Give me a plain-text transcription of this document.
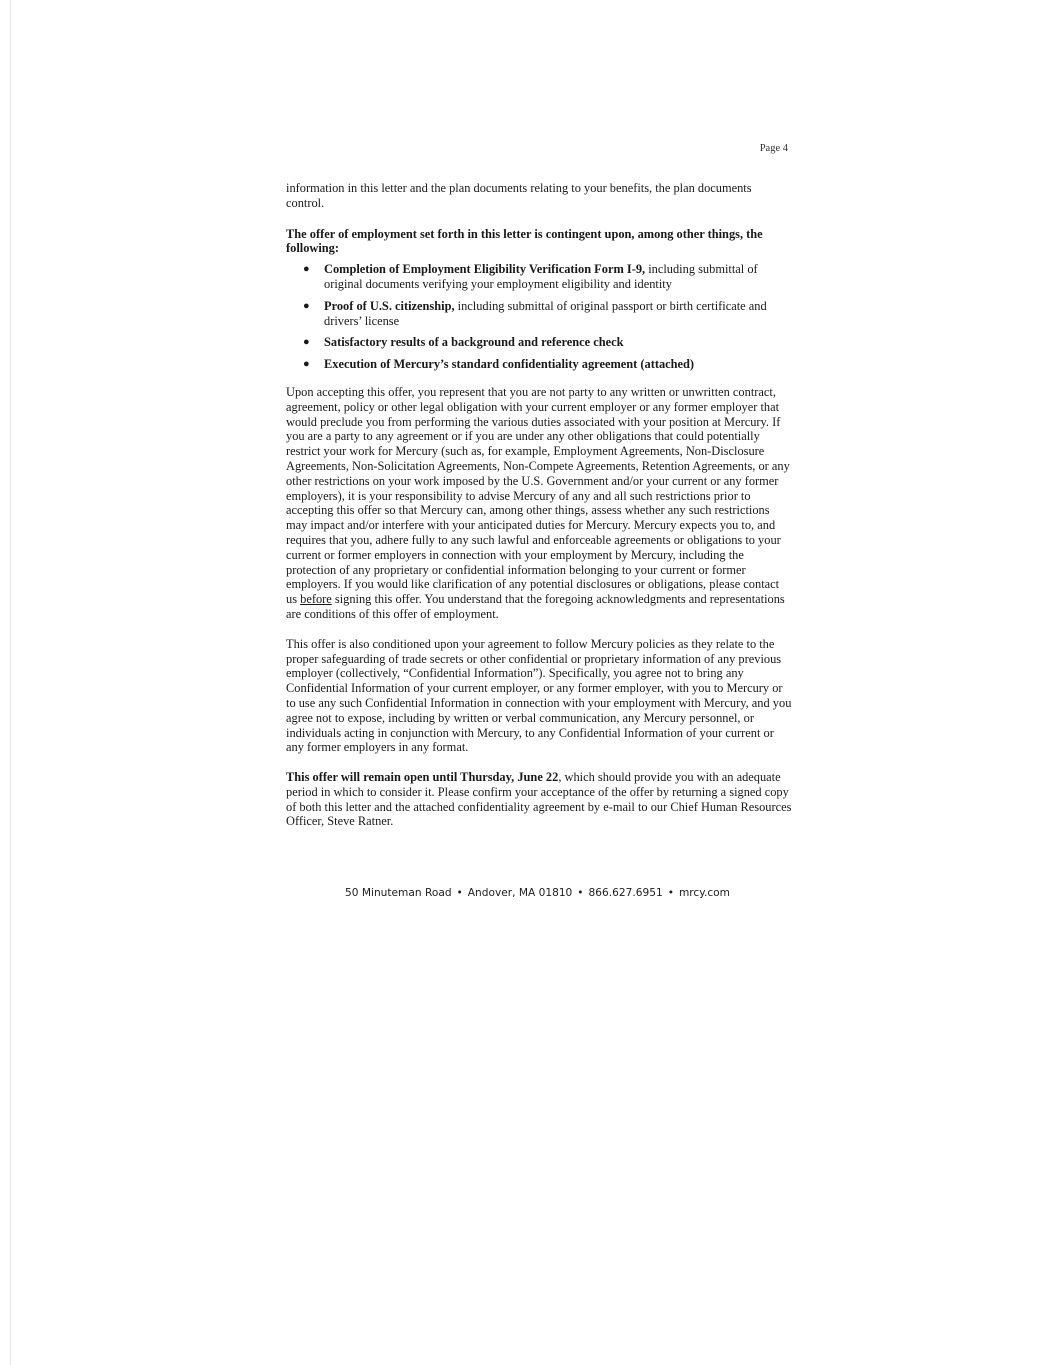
Page 4

information in this letter and the plan documents relating to your benefits, the plan documents control.

The offer of employment set forth in this letter is contingent upon, among other things, the following:

● Completion of Employment Eligibility Verification Form I-9, including submittal of original documents verifying your employment eligibility and identity
● Proof of U.S. citizenship, including submittal of original passport or birth certificate and drivers’ license
● Satisfactory results of a background and reference check
● Execution of Mercury’s standard confidentiality agreement (attached)

Upon accepting this offer, you represent that you are not party to any written or unwritten contract, agreement, policy or other legal obligation with your current employer or any former employer that would preclude you from performing the various duties associated with your position at Mercury. If you are a party to any agreement or if you are under any other obligations that could potentially restrict your work for Mercury (such as, for example, Employment Agreements, Non-Disclosure Agreements, Non-Solicitation Agreements, Non-Compete Agreements, Retention Agreements, or any other restrictions on your work imposed by the U.S. Government and/or your current or any former employers), it is your responsibility to advise Mercury of any and all such restrictions prior to accepting this offer so that Mercury can, among other things, assess whether any such restrictions may impact and/or interfere with your anticipated duties for Mercury. Mercury expects you to, and requires that you, adhere fully to any such lawful and enforceable agreements or obligations to your current or former employers in connection with your employment by Mercury, including the protection of any proprietary or confidential information belonging to your current or former employers. If you would like clarification of any potential disclosures or obligations, please contact us before signing this offer. You understand that the foregoing acknowledgments and representations are conditions of this offer of employment.

This offer is also conditioned upon your agreement to follow Mercury policies as they relate to the proper safeguarding of trade secrets or other confidential or proprietary information of any previous employer (collectively, “Confidential Information”). Specifically, you agree not to bring any Confidential Information of your current employer, or any former employer, with you to Mercury or to use any such Confidential Information in connection with your employment with Mercury, and you agree not to expose, including by written or verbal communication, any Mercury personnel, or individuals acting in conjunction with Mercury, to any Confidential Information of your current or any former employers in any format.

This offer will remain open until Thursday, June 22, which should provide you with an adequate period in which to consider it. Please confirm your acceptance of the offer by returning a signed copy of both this letter and the attached confidentiality agreement by e-mail to our Chief Human Resources Officer, Steve Ratner.

50 Minuteman Road • Andover, MA 01810 • 866.627.6951 • mrcy.com
